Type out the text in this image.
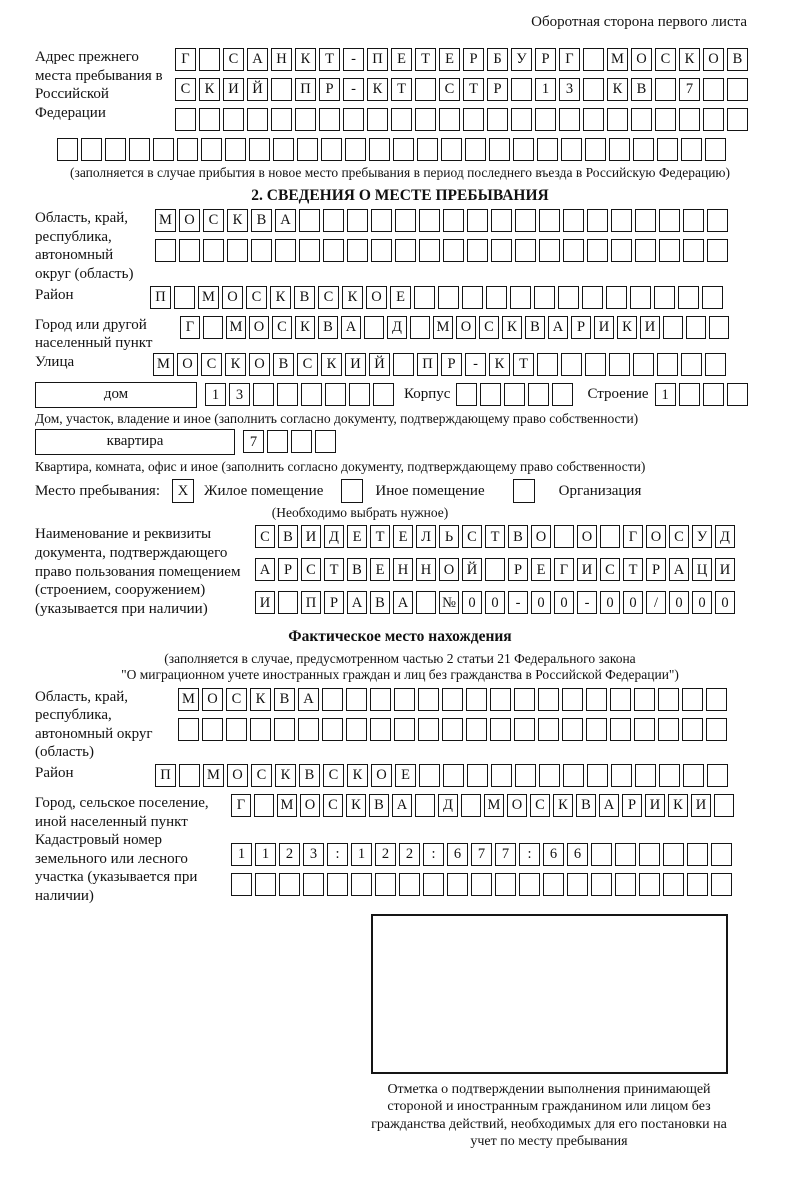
Оборотная сторона первого листа
Адрес прежнего места пребывания в Российской Федерации
Г	С А Н К	Т	-	П Е	Т	Е	Р	Б	У	Р	Г	М О С К О В
С К И Й	П	Р	-	К	Т	С	Т	Р	1	3	К В	7
(заполняется в случае прибытия в новое место пребывания в период последнего въезда в Российскую Федерацию)
2. СВЕДЕНИЯ О МЕСТЕ ПРЕБЫВАНИЯ
Область, край, республика, автономный округ (область)
М О С К В А
Район	П	М О С К В С К О Е
Город или другой населенный пункт
Г	М О С К В А	Д	М О С К В А Р И К И
Улица	М О С К О В С К И Й	П	Р	-	К	Т
дом	1	3	Корпус	Строение 1
Дом, участок, владение и иное (заполнить согласно документу, подтверждающему право собственности)
квартира	7
Квартира, комната, офис и иное (заполнить согласно документу, подтверждающему право собственности)
Место пребывания:	X	Жилое помещение	Иное помещение	Организация
(Необходимо выбрать нужное)
Наименование и реквизиты документа, подтверждающего право пользования помещением (строением, сооружением) (указывается при наличии)
С В И Д Е Т Е Л Ь С Т В О	О	Г О С У Д
А Р С Т В Е Н Н О Й	Р	Е Г И С Т	Р А Ц И
И	П Р А В А	№ 0	0	-	0	0	-	0	0	/	0	0	0
Фактическое место нахождения
(заполняется в случае, предусмотренном частью 2 статьи 21 Федерального закона
"О миграционном учете иностранных граждан и лиц без гражданства в Российской Федерации")
Область, край, республика, автономный округ (область)
М О С К В А
Район	П	М О С К В С К О Е
Город, сельское поселение, иной населенный пункт
Г	М О С К В А	Д	М О С К В А Р И К И
Кадастровый номер земельного или лесного участка (указывается при наличии)
1	1	2	3	:	1	2	2	:	6	7	7	:	6	6
Отметка о подтверждении выполнения принимающей стороной и иностранным гражданином или лицом без гражданства действий, необходимых для его постановки на учет по месту пребывания
